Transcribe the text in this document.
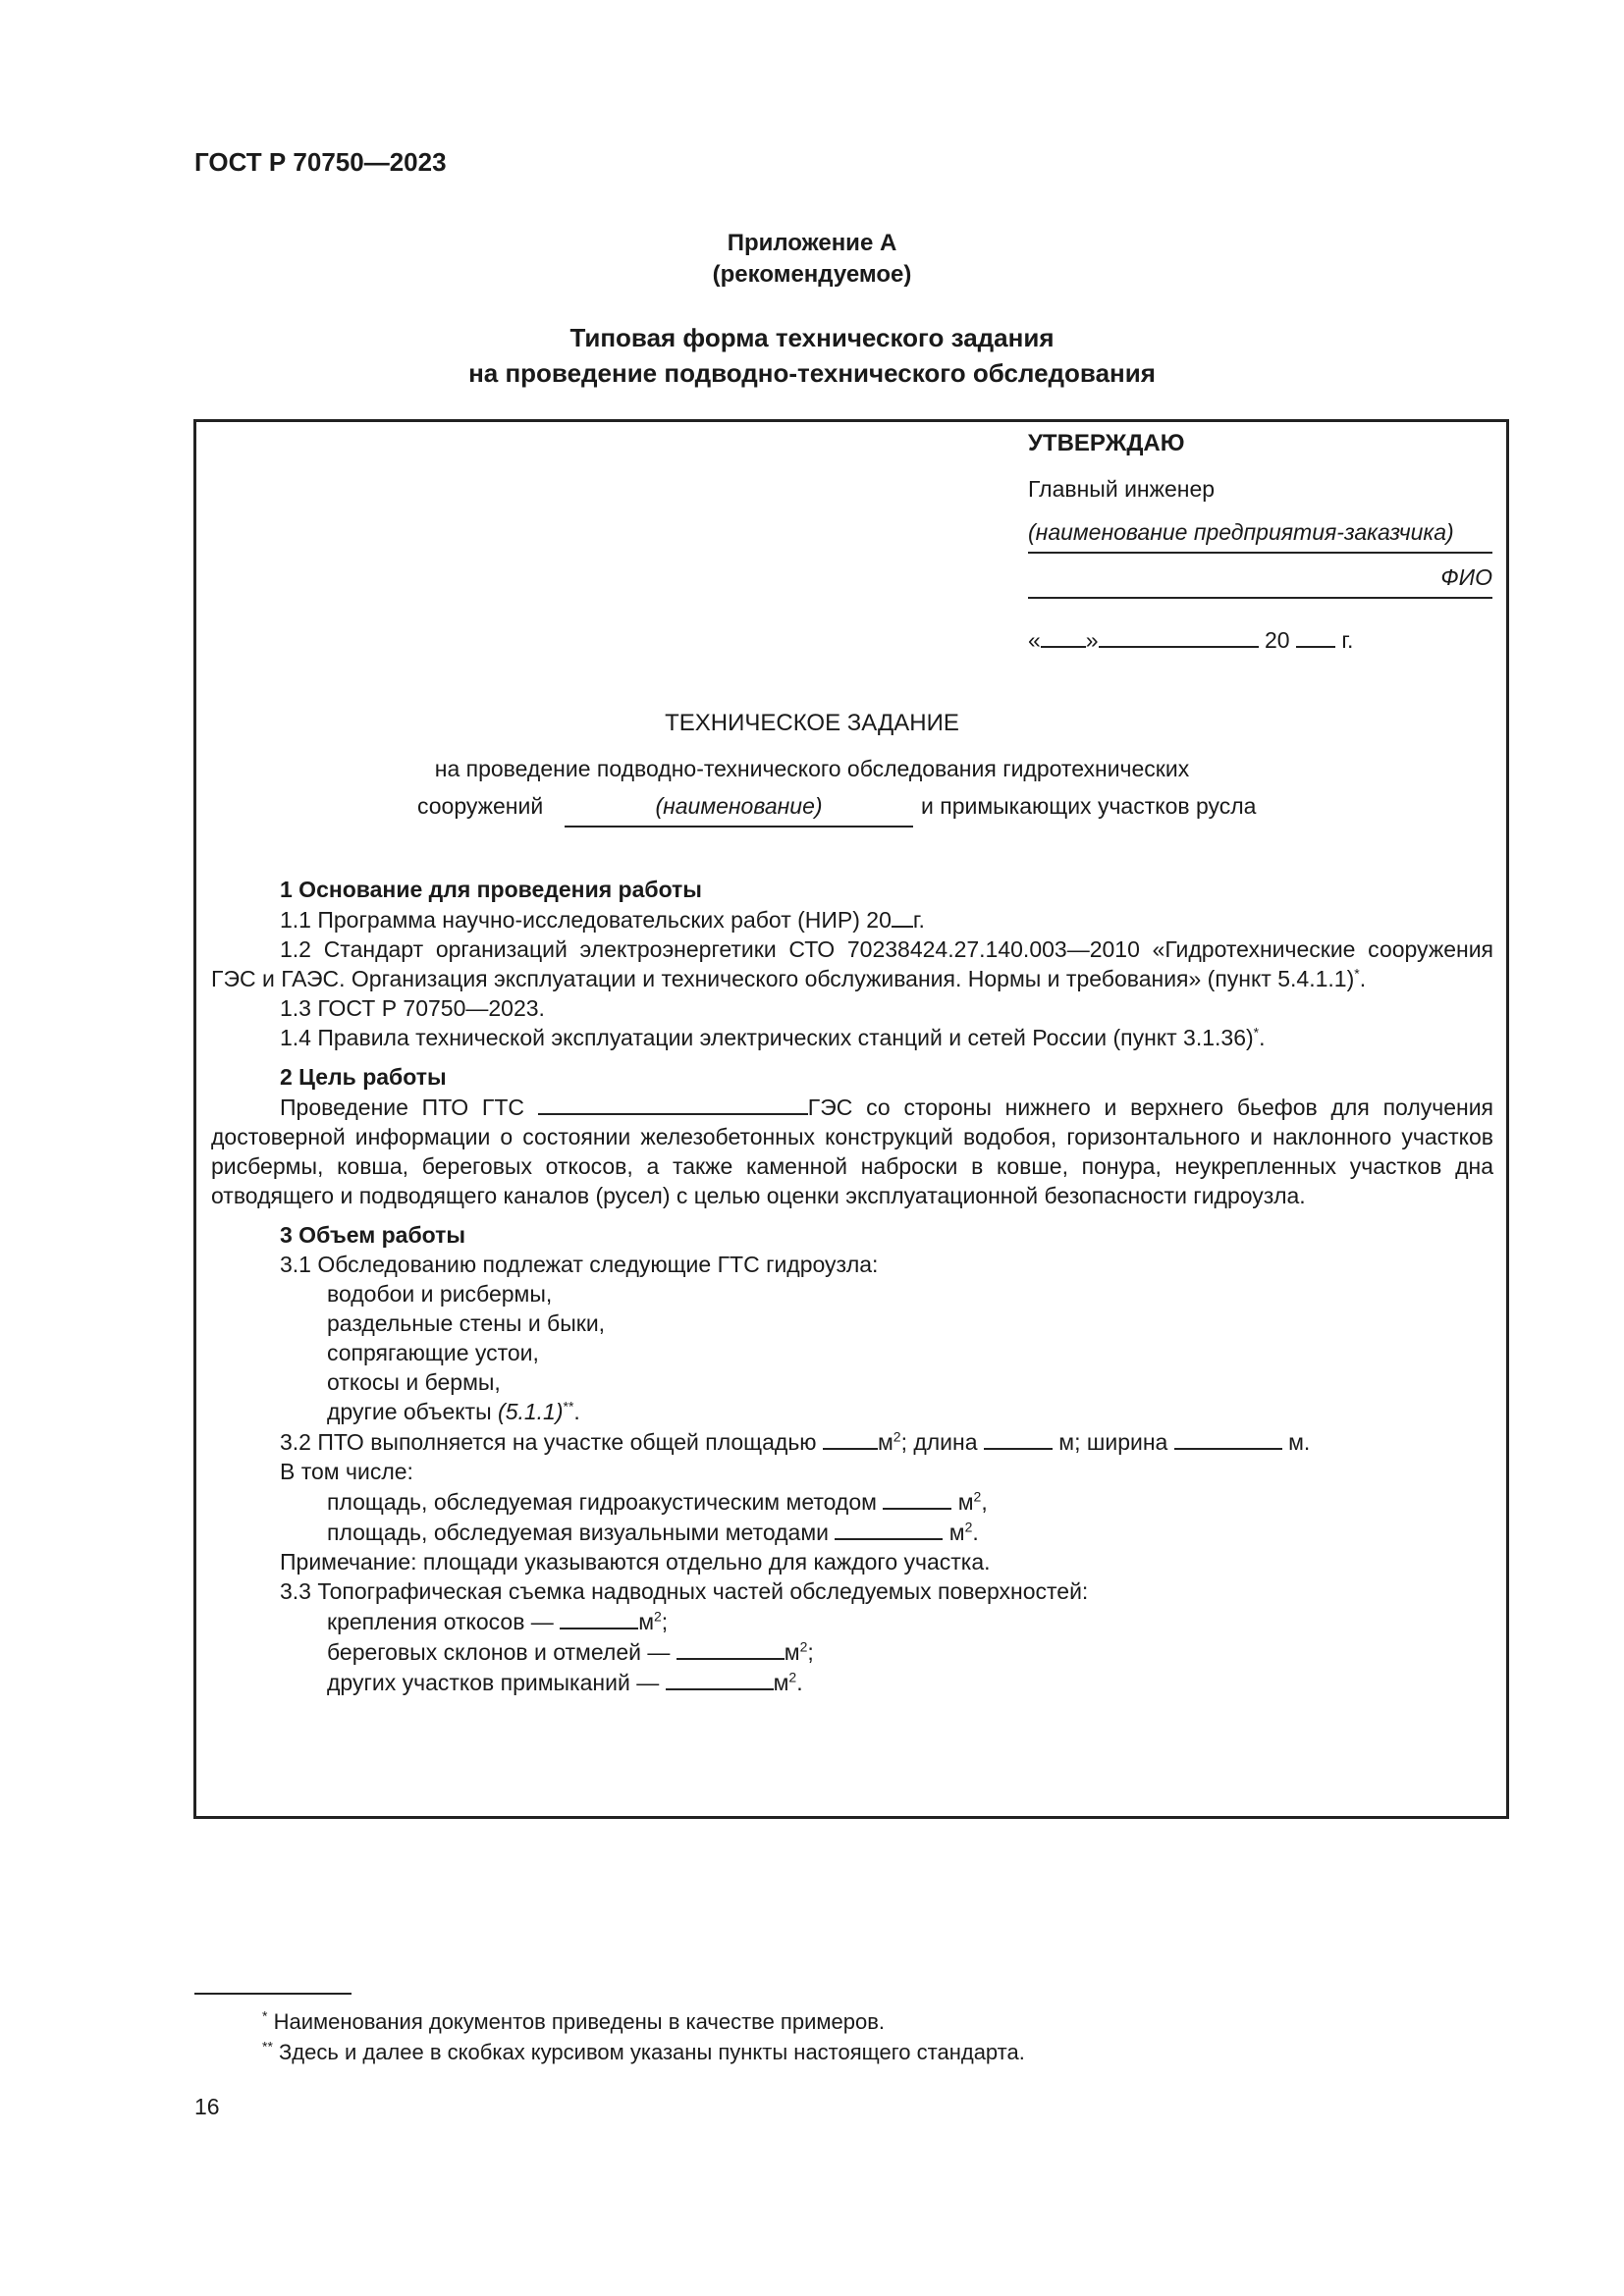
ГОСТ Р 70750—2023
Приложение А
(рекомендуемое)
Типовая форма технического задания
на проведение подводно-технического обследования
УТВЕРЖДАЮ
Главный инженер
(наименование предприятия-заказчика)
ФИО
« »	20 г.
ТЕХНИЧЕСКОЕ ЗАДАНИЕ
на проведение подводно-технического обследования гидротехнических
сооружений	(наименование)	и примыкающих участков русла

1 Основание для проведения работы

1.1 Программа научно-исследовательских работ (НИР) 20 г.

1.2 Стандарт организаций электроэнергетики СТО 70238424.27.140.003—2010 «Гидротехнические сооружения ГЭС и ГАЭС. Организация эксплуатации и технического обслуживания. Нормы и требования» (пункт 5.4.1.1)*.

1.3 ГОСТ Р 70750—2023.

1.4 Правила технической эксплуатации электрических станций и сетей России (пункт 3.1.36)*.

2 Цель работы

Проведение ПТО ГТС	ГЭС со стороны нижнего и верхнего бьефов для получения достоверной информации о состоянии железобетонных конструкций водобоя, горизонтального и наклонного участков рисбермы, ковша, береговых откосов, а также каменной наброски в ковше, понура, неукрепленных участков дна отводящего и подводящего каналов (русел) с целью оценки эксплуатационной безопасности гидроузла.

3 Объем работы

3.1 Обследованию подлежат следующие ГТС гидроузла:

водобои и рисбермы,

раздельные стены и быки,

сопрягающие устои,

откосы и бермы,

другие объекты (5.1.1)**.

3.2 ПТО выполняется на участке общей площадью $м^2$; длина	м; ширина	м.

В том числе:

площадь, обследуемая гидроакустическим методом	$м^2$,

площадь, обследуемая визуальными методами	$м^2$.

Примечание: площади указываются отдельно для каждого участка.

3.3 Топографическая съемка надводных частей обследуемых поверхностей:

крепления откосов —	$м^2$;

береговых склонов и отмелей —	$м^2$;

других участков примыканий —	$м^2$.

* Наименования документов приведены в качестве примеров.
** Здесь и далее в скобках курсивом указаны пункты настоящего стандарта.
16
